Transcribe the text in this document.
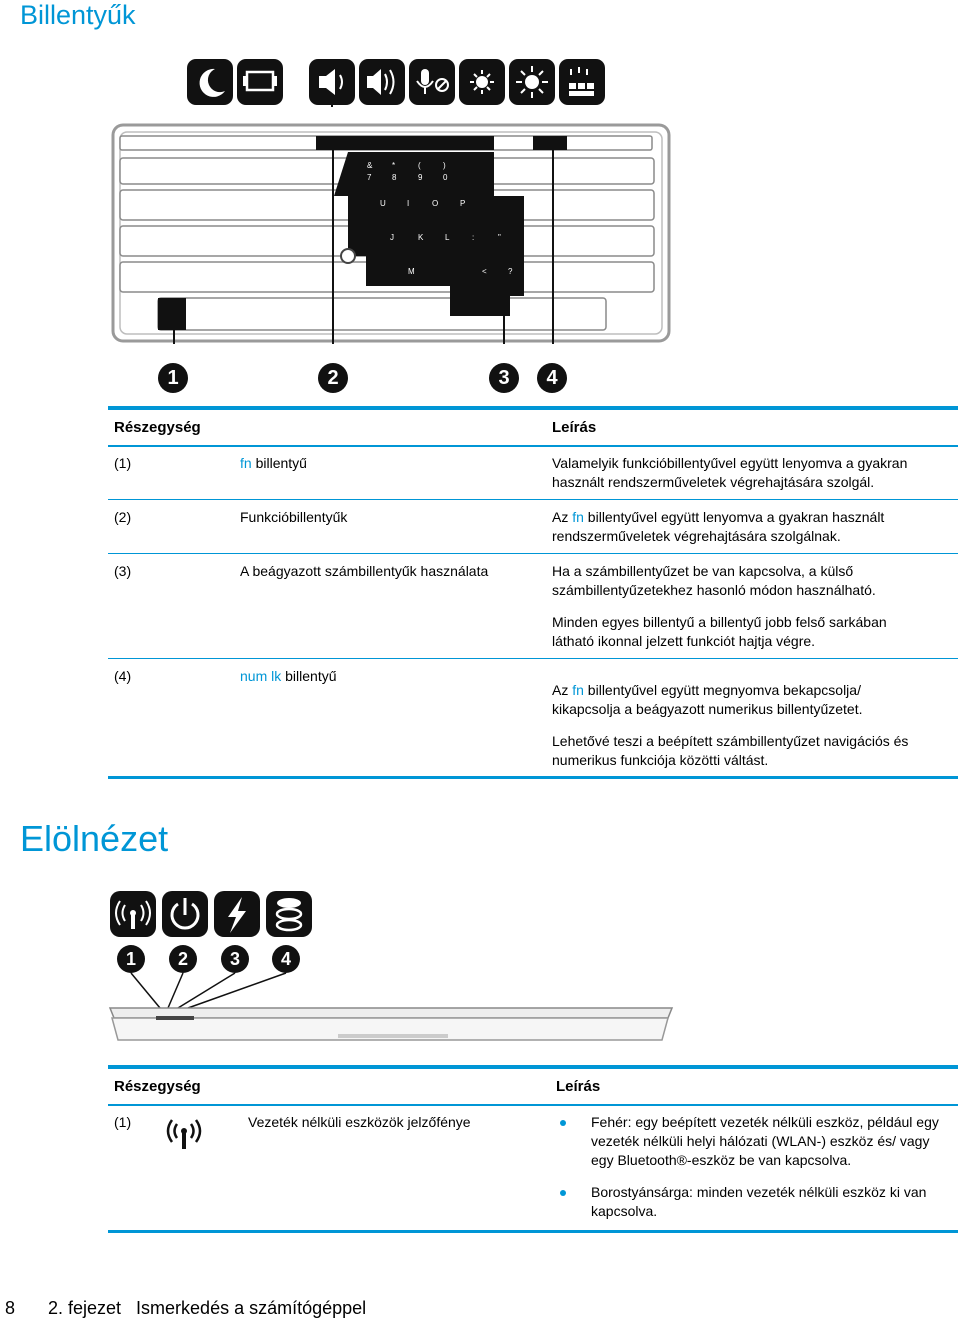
Billentyűk
& *	(	)
7	8	9	0
U	I	O	P
J	K	L	:	"
M	<	?
1	2	3	4
Részegység	Leírás
(1)	fn billentyű	Valamelyik funkcióbillentyűvel együtt lenyomva a gyakran használt rendszerműveletek végrehajtására szolgál.
(2)	Funkcióbillentyűk	Az fn billentyűvel együtt lenyomva a gyakran használt rendszerműveletek végrehajtására szolgálnak.
(3)	A beágyazott számbillentyűk használata	Ha a számbillentyűzet be van kapcsolva, a külső számbillentyűzetekhez hasonló módon használható.
Minden egyes billentyű a billentyű jobb felső sarkában látható ikonnal jelzett funkciót hajtja végre.
(4)	num lk billentyű
Az fn billentyűvel együtt megnyomva bekapcsolja/ kikapcsolja a beágyazott numerikus billentyűzetet.
Lehetővé teszi a beépített számbillentyűzet navigációs és numerikus funkciója közötti váltást.
Elölnézet
1	2	3	4
Részegység	Leírás
(1)	Vezeték nélküli eszközök jelzőfénye	Fehér: egy beépített vezeték nélküli eszköz, például egy vezeték nélküli helyi hálózati (WLAN-) eszköz és/ vagy egy Bluetooth®-eszköz be van kapcsolva.
Borostyánsárga: minden vezeték nélküli eszköz ki van kapcsolva.
8 2. fejezet   Ismerkedés a számítógéppel
